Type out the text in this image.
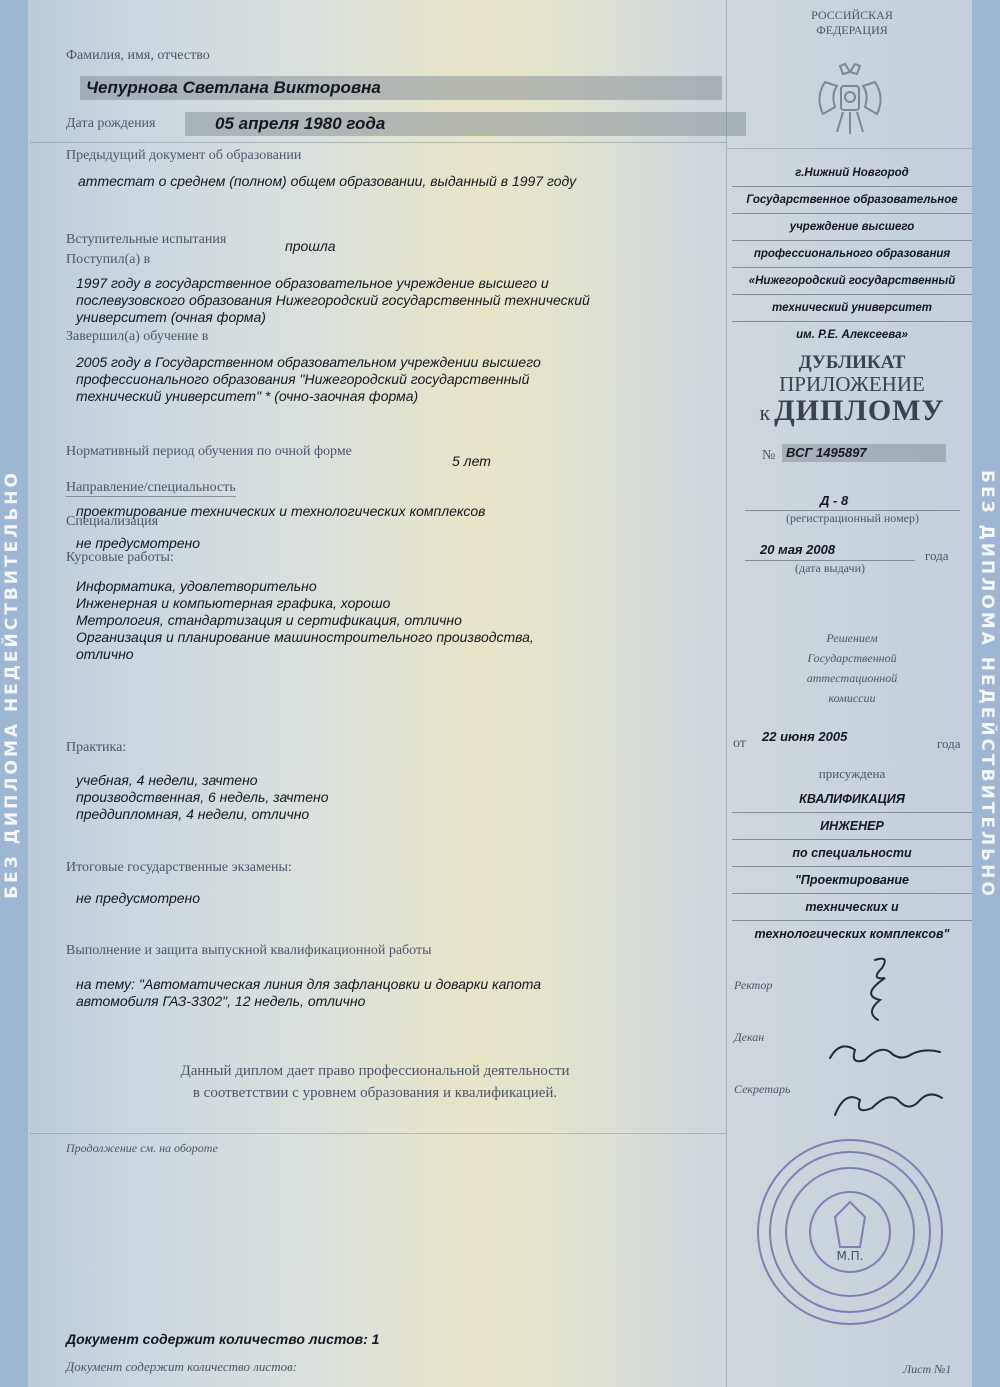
БЕЗ ДИПЛОМА НЕДЕЙСТВИТЕЛЬНО	БЕЗ ДИПЛОМА НЕДЕЙСТВИТЕЛЬНО
Фамилия, имя, отчество
Чепурнова Светлана Викторовна
Дата рождения	05 апреля 1980 года
Предыдущий документ об образовании
аттестат о среднем (полном) общем образовании, выданный в 1997 году
Вступительные испытания	прошла
Поступил(а) в
1997 году в государственное образовательное учреждение высшего и
послевузовского образования Нижегородский государственный технический
университет (очная форма)
Завершил(а) обучение в
2005 году в Государственном образовательном учреждении высшего
профессионального образования "Нижегородский государственный
технический университет" * (очно-заочная форма)
Нормативный период обучения по очной форме
5 лет
Направление/специальность
проектирование технических и технологических комплексов
Специализация
не предусмотрено
Курсовые работы:
Информатика, удовлетворительно
Инженерная и компьютерная графика, хорошо
Метрология, стандартизация и сертификация, отлично
Организация и планирование машиностроительного производства,
отлично
Практика:
учебная, 4 недели, зачтено
производственная, 6 недель, зачтено
преддипломная, 4 недели, отлично
Итоговые государственные экзамены:
не предусмотрено
Выполнение и защита выпускной квалификационной работы
на тему: "Автоматическая линия для зафланцовки и доварки капота
автомобиля ГАЗ-3302", 12 недель, отлично
Данный диплом дает право профессиональной деятельности
в соответствии с уровнем образования и квалификацией.
Продолжение см. на обороте
Документ содержит количество листов: 1
Документ содержит количество листов:
РОССИЙСКАЯ
ФЕДЕРАЦИЯ
г.Нижний Новгород
Государственное образовательное
учреждение высшего
профессионального образования
«Нижегородский государственный
технический университет
им. Р.Е. Алексеева»
ДУБЛИКАТ
ПРИЛОЖЕНИЕ
к ДИПЛОМУ
№ ВСГ 1495897
Д - 8
(регистрационный номер)
20 мая 2008	года
(дата выдачи)
Решением
Государственной
аттестационной
комиссии
от 22 июня 2005	года
присуждена
КВАЛИФИКАЦИЯ
ИНЖЕНЕР
по специальности
"Проектирование
технических и
технологических комплексов"
Ректор
Декан
Секретарь
М.П.
Лист №1
